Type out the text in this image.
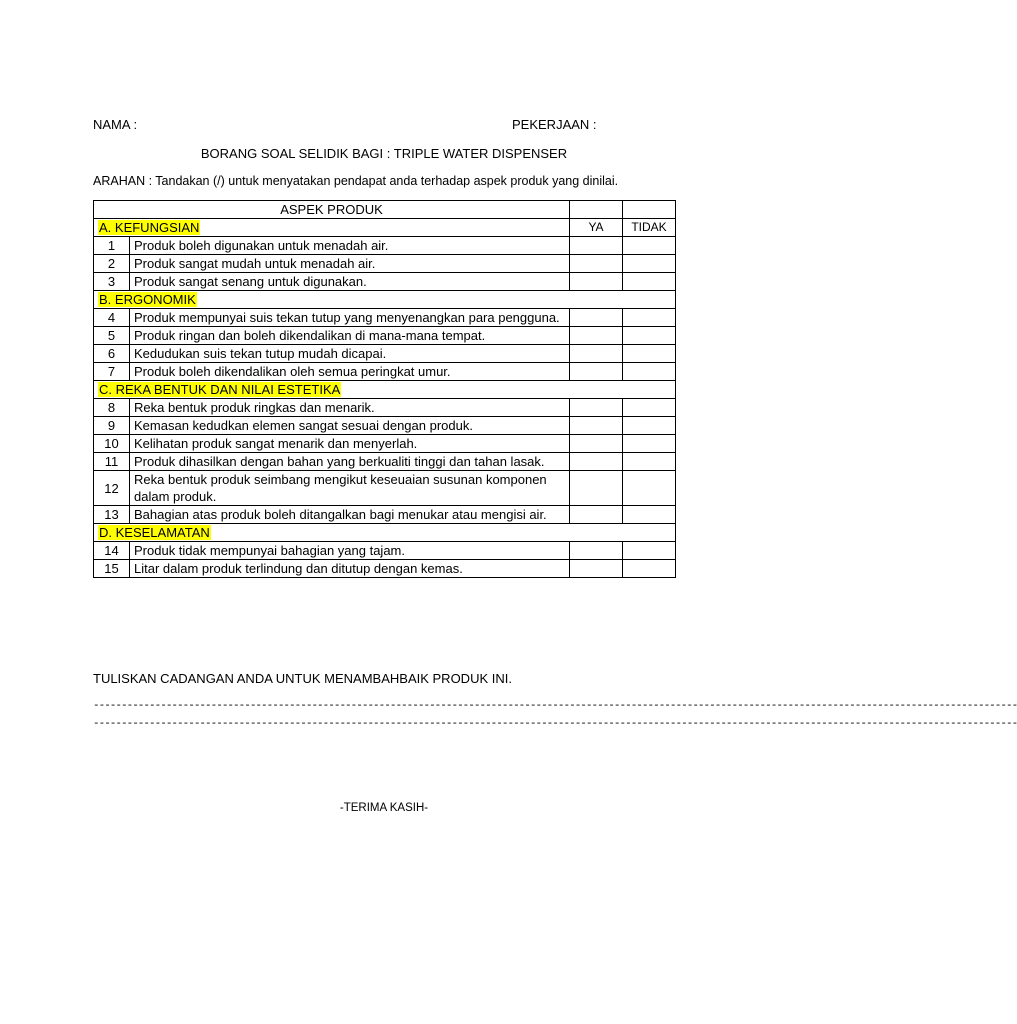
NAMA :	PEKERJAAN :
BORANG SOAL SELIDIK BAGI : TRIPLE WATER DISPENSER
ARAHAN : Tandakan (/) untuk menyatakan pendapat anda terhadap aspek produk yang dinilai.
ASPEK PRODUK			
A. KEFUNGSIAN		YA	TIDAK
1	Produk boleh digunakan untuk menadah air.		
2	Produk sangat mudah untuk menadah air.		
3	Produk sangat senang untuk digunakan.		
B. ERGONOMIK			
4	Produk mempunyai suis tekan tutup yang menyenangkan para pengguna.		
5	Produk ringan dan boleh dikendalikan di mana-mana tempat.		
6	Kedudukan suis tekan tutup mudah dicapai.		
7	Produk boleh dikendalikan oleh semua peringkat umur.		
C. REKA BENTUK DAN NILAI ESTETIKA			
8	Reka bentuk produk ringkas dan menarik.		
9	Kemasan kedudkan elemen sangat sesuai dengan produk.		
10	Kelihatan produk sangat menarik dan menyerlah.		
11	Produk dihasilkan dengan bahan yang berkualiti tinggi dan tahan lasak.		
12	Reka bentuk produk seimbang mengikut keseuaian susunan komponen dalam produk.		
13	Bahagian atas produk boleh ditangalkan bagi menukar atau mengisi air.		
D. KESELAMATAN			
14	Produk tidak mempunyai bahagian yang tajam.		
15	Litar dalam produk terlindung dan ditutup dengan kemas.		
TULISKAN CADANGAN ANDA UNTUK MENAMBAHBAIK PRODUK INI.
---------------------------------------------------------------------------------------------------------------------------------------------------------------------
---------------------------------------------------------------------------------------------------------------------------------------------------------------------
-TERIMA KASIH-
